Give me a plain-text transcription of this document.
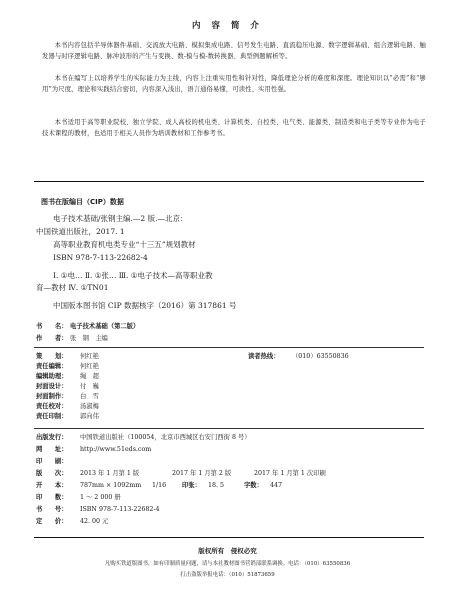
内 容 简 介

本书内容包括半导体器件基础、交流放大电路、模拟集成电路、信号发生电路、直流稳压电源、数字逻辑基础、组合逻辑电路、触发器与时序逻辑电路、脉冲波形的产生与变换、数-模与模-数转换器、典型例题解析等。

本书在编写上以培养学生的实际能力为主线，内容上注重实用性和针对性，降低理论分析的难度和深度。理论知识以“必需”和“够用”为尺度，理论和实践结合密切，内容深入浅出，语言通俗易懂，可读性、实用性强。

本书适用于高等职业院校、独立学院、成人高校的机电类、计算机类、自控类、电气类、能源类、制造类和电子类等专业作为电子技术课程的教材，也适用于相关人员作为培训教材和工作参考书。

图书在版编目（CIP）数据
电子技术基础/张钢主编.—2 版.—北京：
中国铁道出版社，2017. 1
高等职业教育机电类专业“十三五”规划教材
ISBN 978-7-113-22682-4
Ⅰ. ①电… Ⅱ. ①张… Ⅲ. ①电子技术—高等职业教
育—教材 Ⅳ. ①TN01
中国版本图书馆 CIP 数据核字（2016）第 317861 号
书　　名： 电子技术基础（第二版）
作　　者： 张　钢　主编
策　　划： 何红艳	读者热线： （010）63550836
责任编辑： 何红艳
编辑助理： 绳　超
封面设计： 付　巍
封面制作： 白　雪
责任校对： 汤淑梅
责任印制： 郭向伟
出版发行： 中国铁道出版社（100054，北京市西城区右安门西街 8 号）
网　　址： http://www.51eds.com
印　　刷：
版　　次： 2013 年 1 月第 1 版	2017 年 1 月第 2 版	2017 年 1 月第 1 次印刷
开　　本： 787mm × 1092mm 1/16	印张： 18. 5	字数： 447
印　　数： 1 ～ 2 000 册
书　　号： ISBN 978-7-113-22682-4
定　　价： 42. 00 元
版权所有　侵权必究
凡购买铁道版图书，如有印制质量问题，请与本社教材图书营销部联系调换。电话：（010）63550836
打击盗版举报电话：（010）51873659
